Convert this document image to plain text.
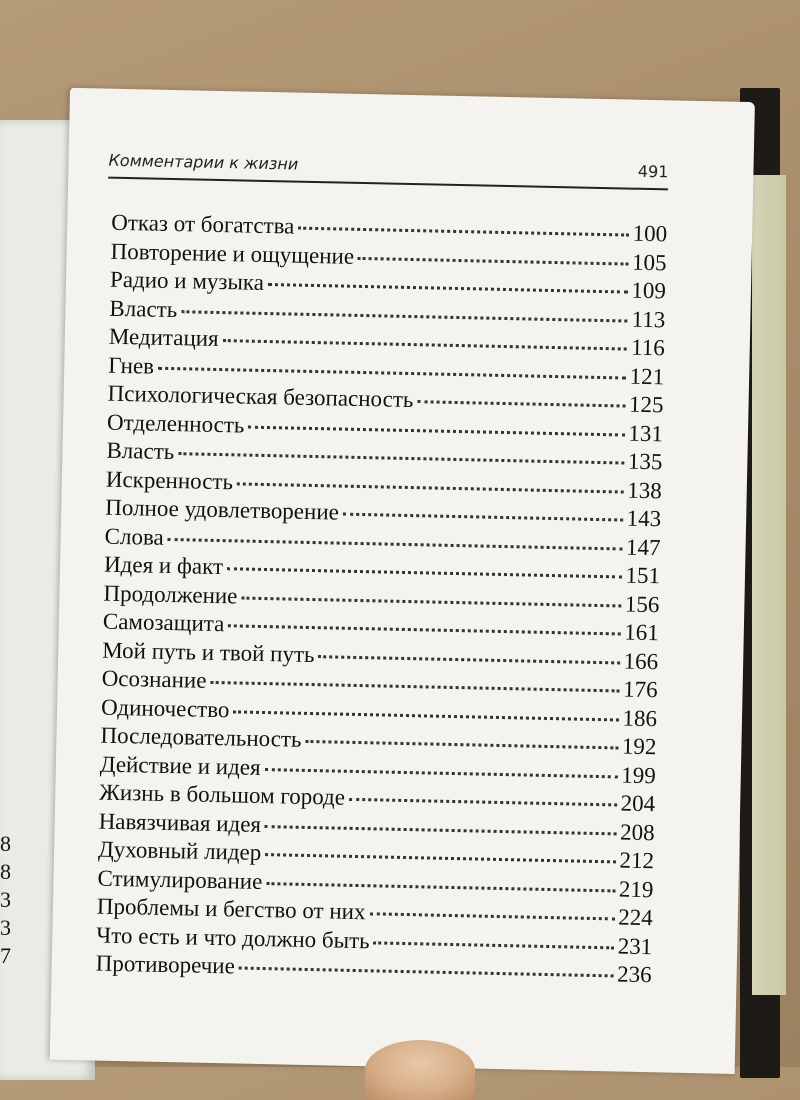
8
8
3
3
7
Комментарии к жизни	491
Отказ от богатства	100
Повторение и ощущение	105
Радио и музыка	109
Власть	113
Медитация	116
Гнев	121
Психологическая безопасность	125
Отделенность	131
Власть	135
Искренность	138
Полное удовлетворение	143
Слова	147
Идея и факт	151
Продолжение	156
Самозащита	161
Мой путь и твой путь	166
Осознание	176
Одиночество	186
Последовательность	192
Действие и идея	199
Жизнь в большом городе	204
Навязчивая идея	208
Духовный лидер	212
Стимулирование	219
Проблемы и бегство от них	224
Что есть и что должно быть	231
Противоречие	236
